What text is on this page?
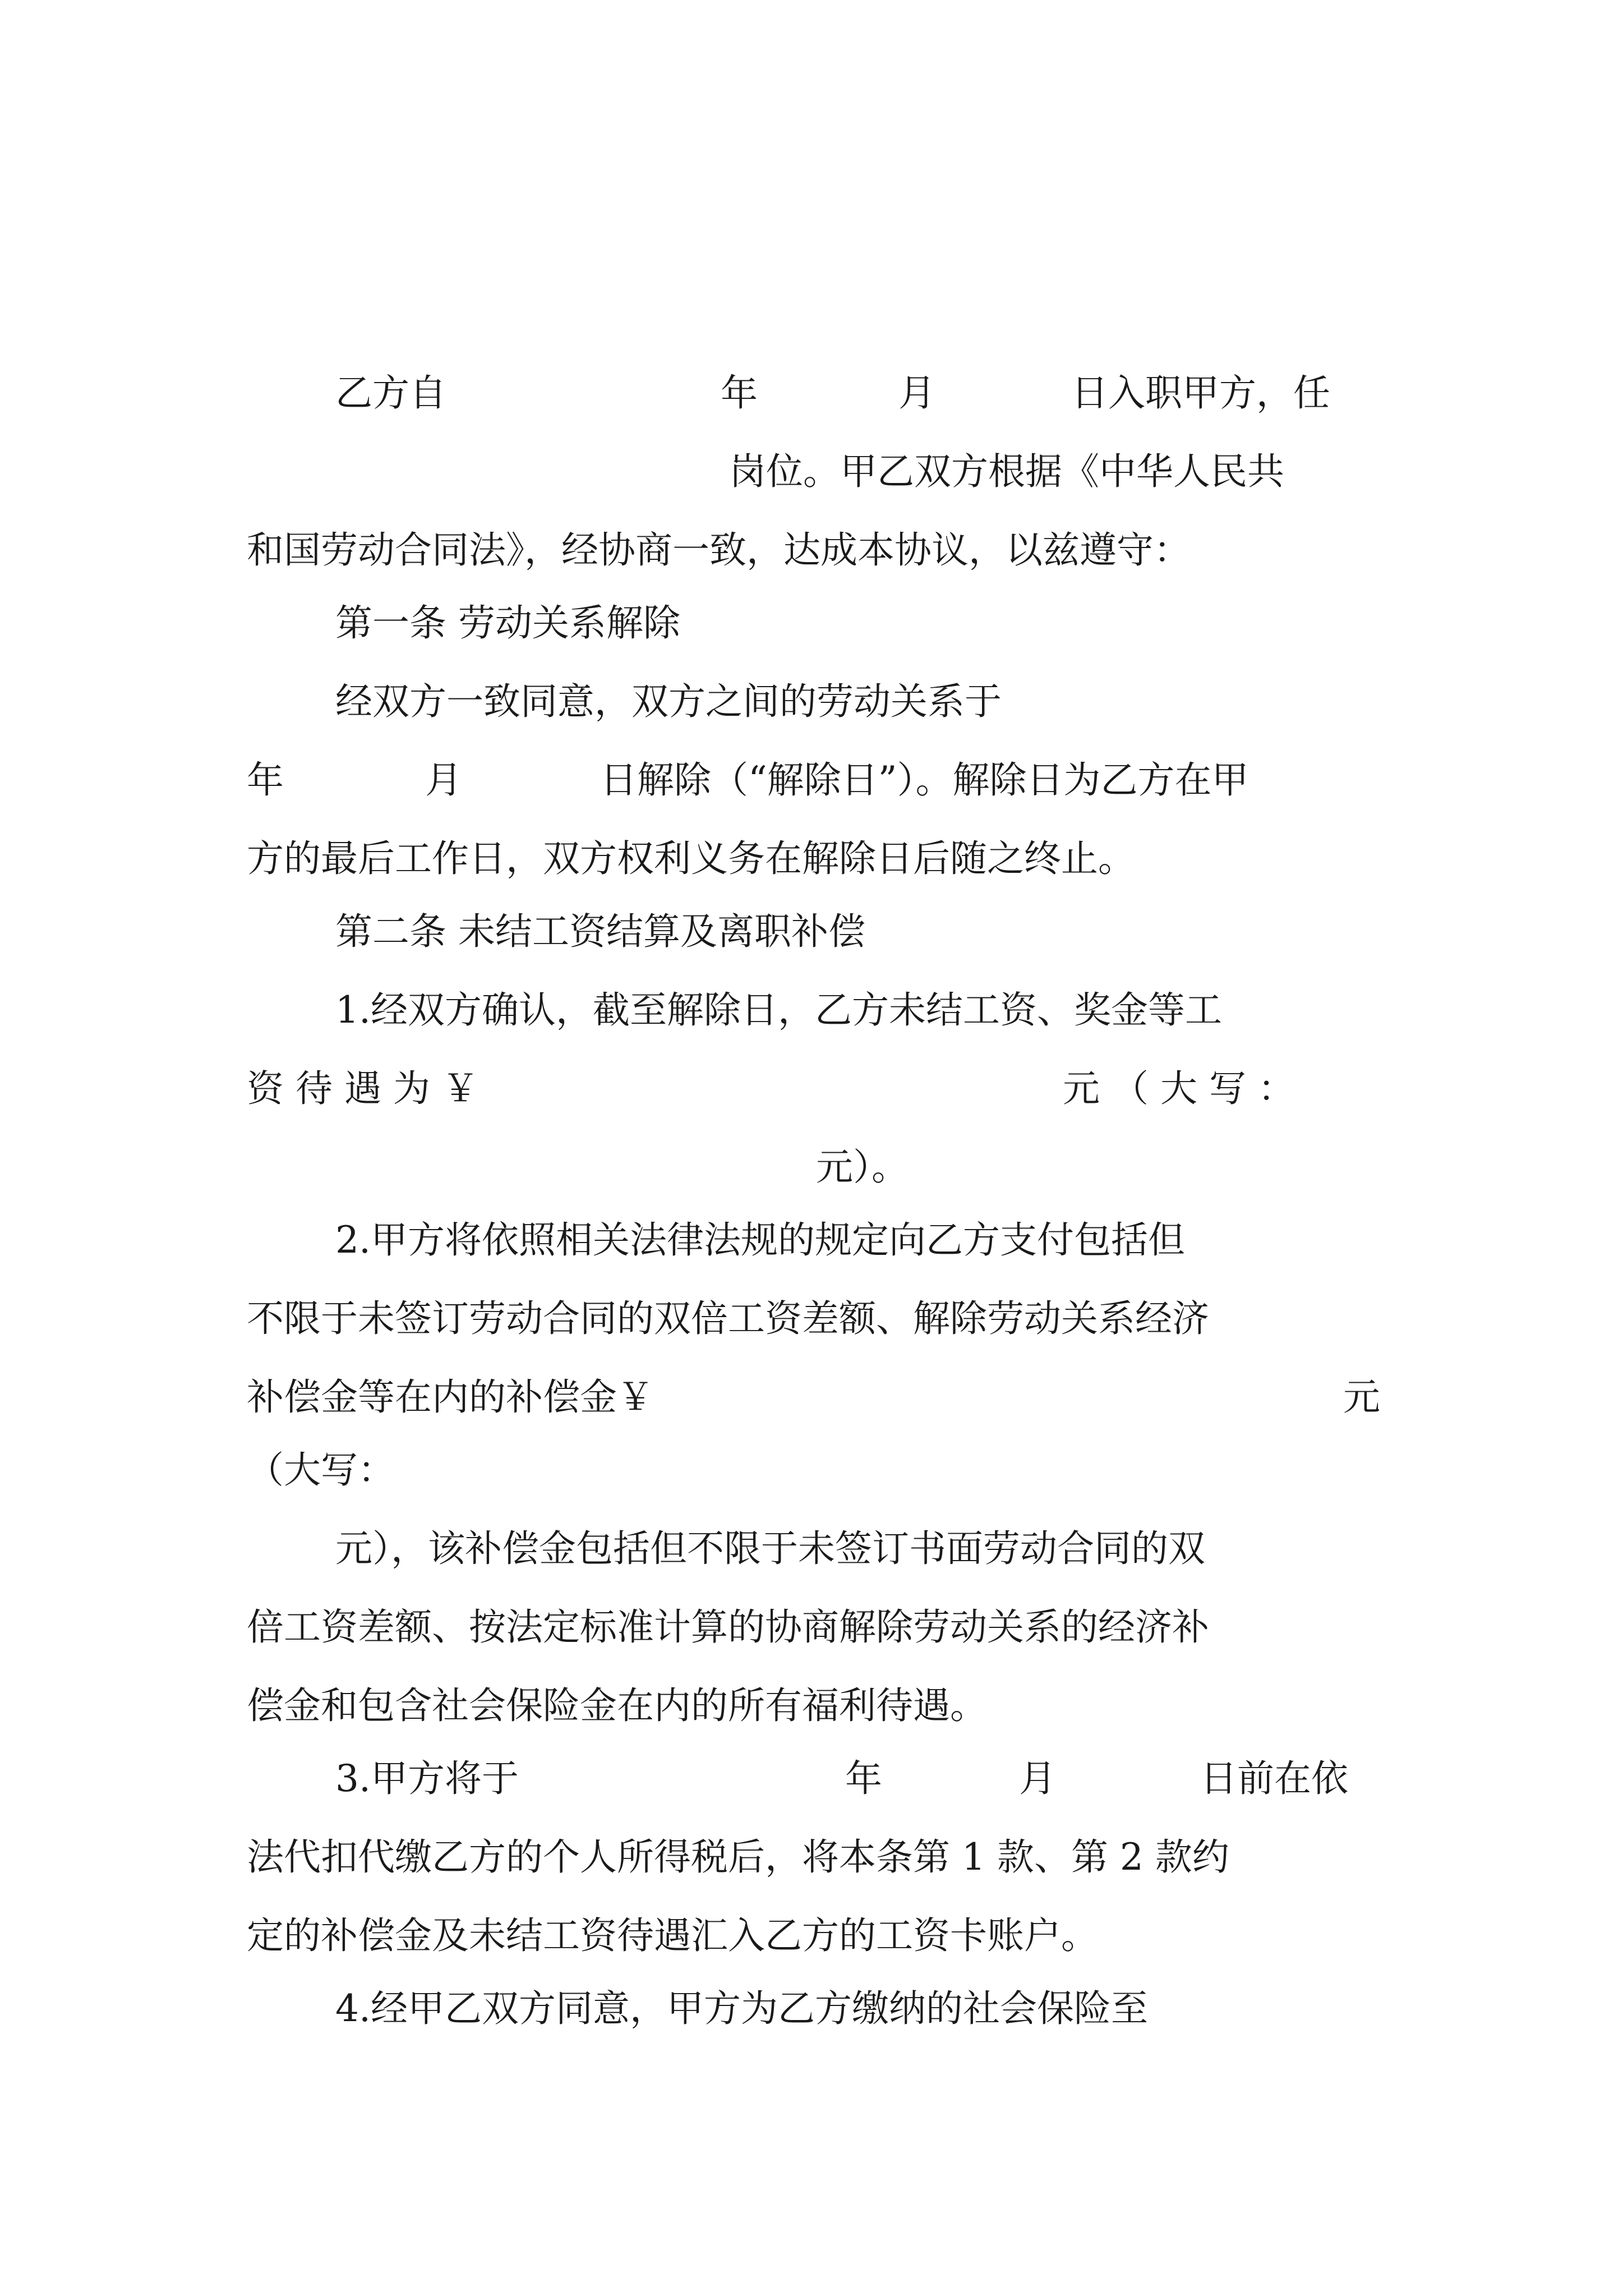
乙方自	年	月	日入职甲方，任
岗位。甲乙双方根据《中华人民共
和国劳动合同法》，经协商一致，达成本协议，以兹遵守：
第一条 劳动关系解除
经双方一致同意，双方之间的劳动关系于
年	月	日解除（“解除日”）。解除日为乙方在甲
方的最后工作日，双方权利义务在解除日后随之终止。
第二条 未结工资结算及离职补偿
1.经双方确认，截至解除日，乙方未结工资、奖金等工
资 待 遇 为 ￥	元 （ 大 写 ：
元）。
2.甲方将依照相关法律法规的规定向乙方支付包括但
不限于未签订劳动合同的双倍工资差额、解除劳动关系经济
补偿金等在内的补偿金￥	元
（大写：
元），该补偿金包括但不限于未签订书面劳动合同的双
倍工资差额、按法定标准计算的协商解除劳动关系的经济补
偿金和包含社会保险金在内的所有福利待遇。
3.甲方将于	年	月	日前在依
法代扣代缴乙方的个人所得税后，将本条第 1 款、第 2 款约
定的补偿金及未结工资待遇汇入乙方的工资卡账户。
4.经甲乙双方同意，甲方为乙方缴纳的社会保险至
